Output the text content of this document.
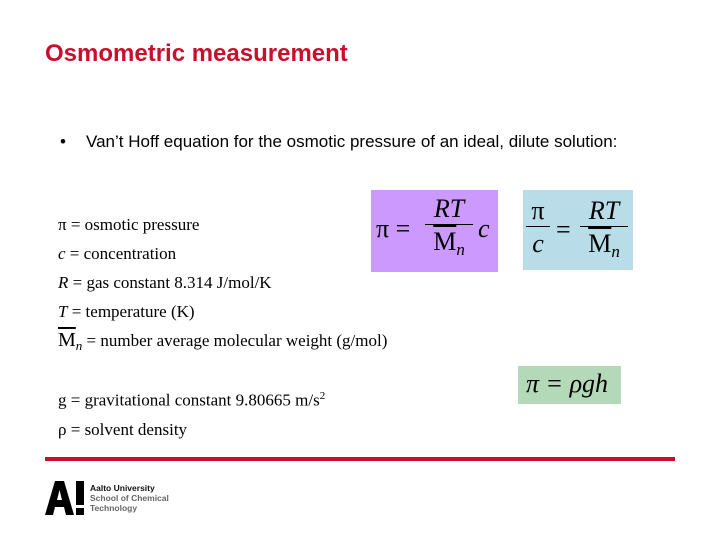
Osmometric measurement
• Van’t Hoff equation for the osmotic pressure of an ideal, dilute solution:
π = osmotic pressure
c = concentration
R = gas constant 8.314 J/mol/K
T = temperature (K)
$\overline{M}_n$ = number average molecular weight (g/mol)
g = gravitational constant 9.80665 $m/s^2$
ρ = solvent density
$\pi = \frac{RT}{\overline{M}n}$ c $\frac{\pi}{c} = \frac{RT}{\overline{M}n}$
π = ρgh
Aalto University
School of Chemical
Technology
